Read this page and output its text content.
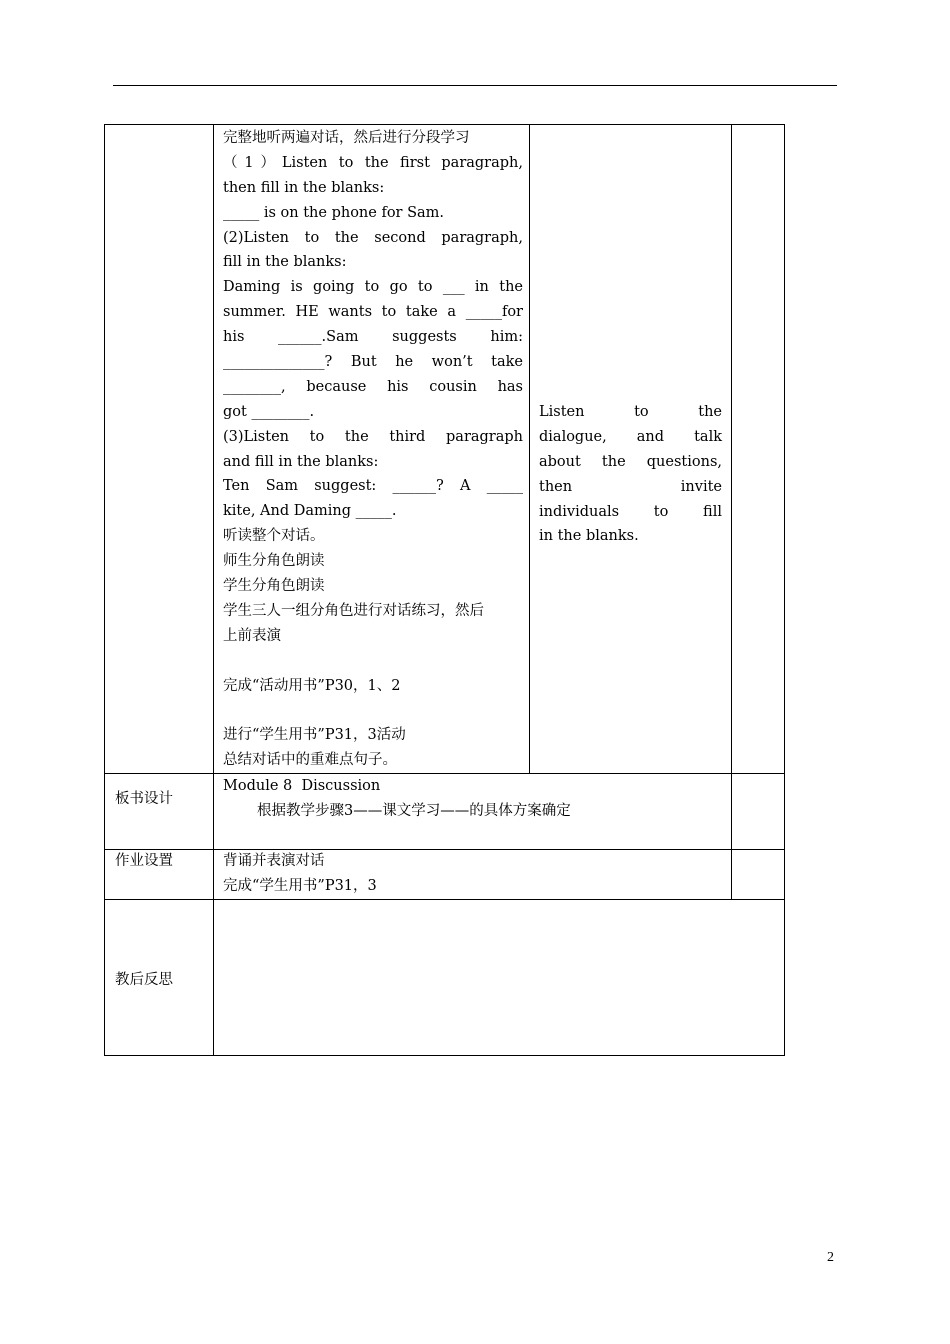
完整地听两遍对话，然后进行分段学习
（1）Listen to the first paragraph,
then fill in the blanks:
_____ is on the phone for Sam.
(2)Listen to the second paragraph,
fill in the blanks:
Daming is going to go to ___ in the
summer. HE wants to take a _____for
his ______.Sam suggests him:
______________? But he won’t take
________, because his cousin has
got ________.
(3)Listen to the third paragraph
and fill in the blanks:
Ten Sam suggest: ______? A _____
kite, And Daming _____.
听读整个对话。
师生分角色朗读
学生分角色朗读
学生三人一组分角色进行对话练习，然后
上前表演
完成“活动用书”P30，1、2
进行“学生用书”P31，3活动
总结对话中的重难点句子。
Listen to the
dialogue, and talk
about the questions,
then invite
individuals to fill
in the blanks.
板书设计
Module 8  Discussion
根据教学步骤3——课文学习——的具体方案确定
作业设置	背诵并表演对话
完成“学生用书”P31，3
教后反思
2
